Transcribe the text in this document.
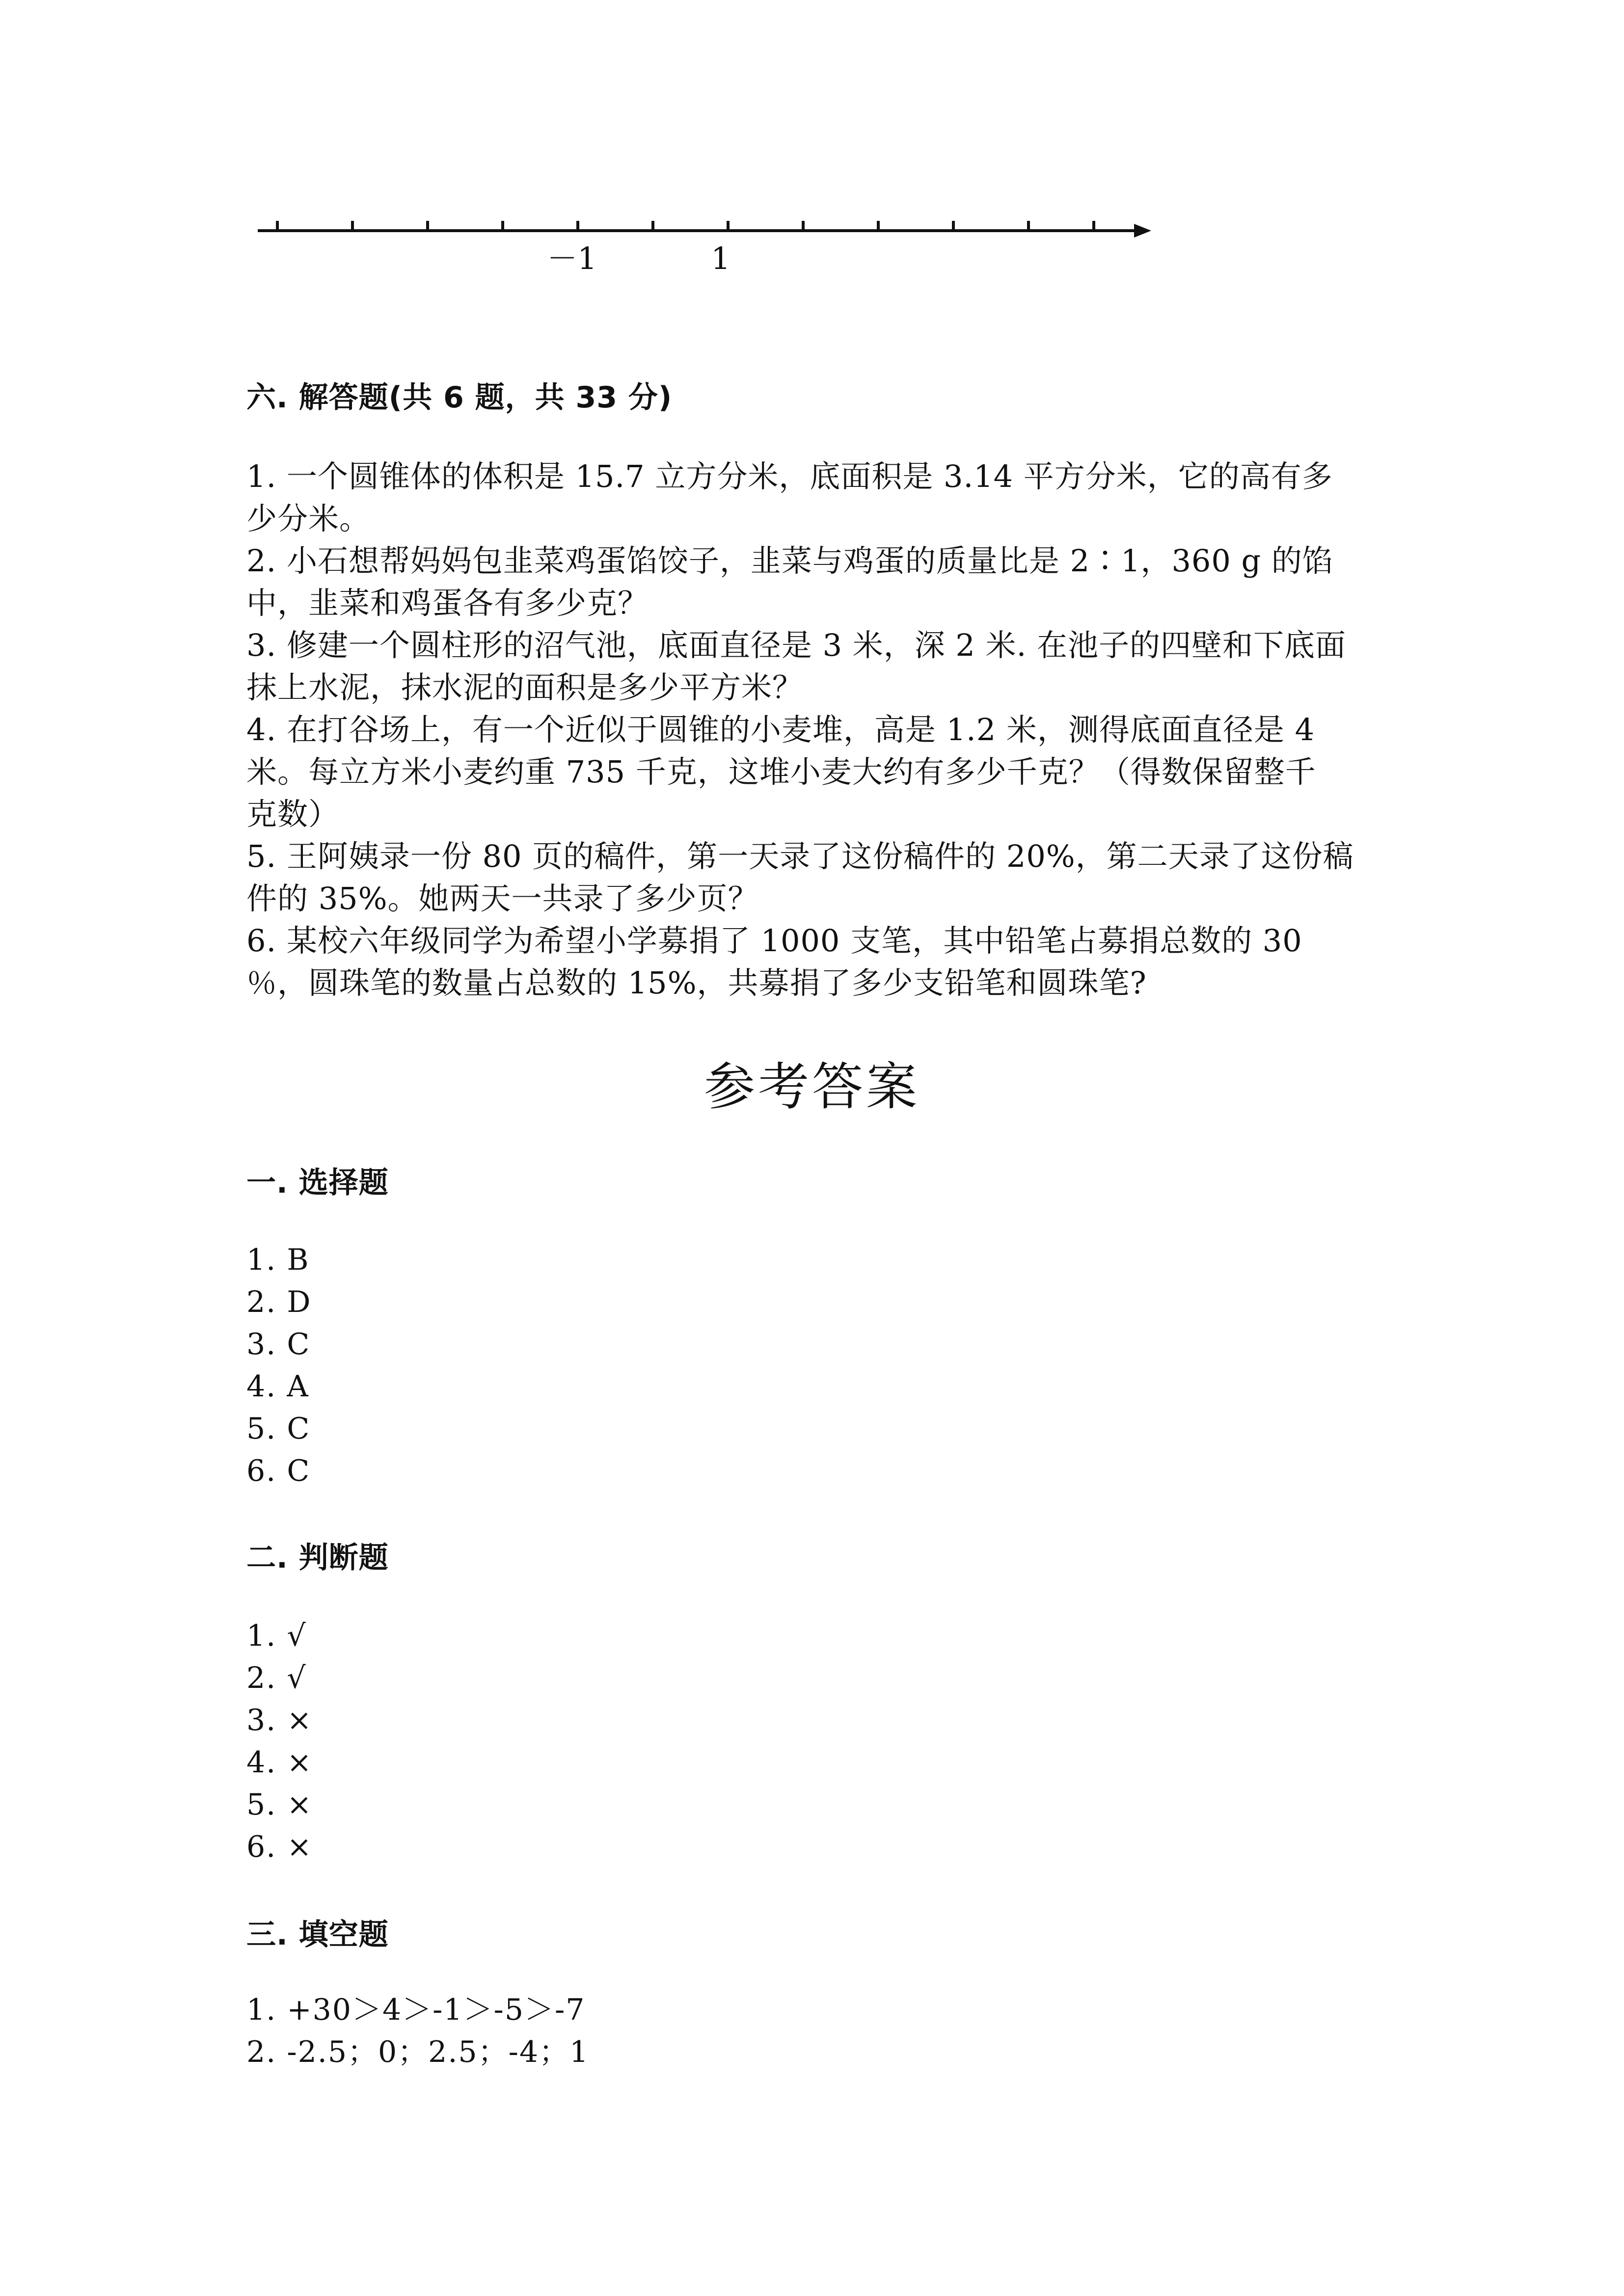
－1	1
六. 解答题(共 6 题，共 33 分)

1. 一个圆锥体的体积是 15.7 立方分米，底面积是 3.14 平方分米，它的高有多

少分米。

2. 小石想帮妈妈包韭菜鸡蛋馅饺子，韭菜与鸡蛋的质量比是 2∶1，360 g 的馅

中，韭菜和鸡蛋各有多少克？

3. 修建一个圆柱形的沼气池，底面直径是 3 米，深 2 米. 在池子的四壁和下底面

抹上水泥，抹水泥的面积是多少平方米？

4. 在打谷场上，有一个近似于圆锥的小麦堆，高是 1.2 米，测得底面直径是 4

米。每立方米小麦约重 735 千克，这堆小麦大约有多少千克？（得数保留整千

克数）

5. 王阿姨录一份 80 页的稿件，第一天录了这份稿件的 20%，第二天录了这份稿

件的 35%。她两天一共录了多少页？

6. 某校六年级同学为希望小学募捐了 1000 支笔，其中铅笔占募捐总数的 30

％，圆珠笔的数量占总数的 15%，共募捐了多少支铅笔和圆珠笔?

参考答案
一. 选择题

1. B

2. D

3. C

4. A

5. C

6. C

二. 判断题

1. √

2. √

3. ×

4. ×

5. ×

6. ×

三. 填空题

1. +30＞4＞-1＞-5＞-7

2. -2.5；0；2.5；-4；1
